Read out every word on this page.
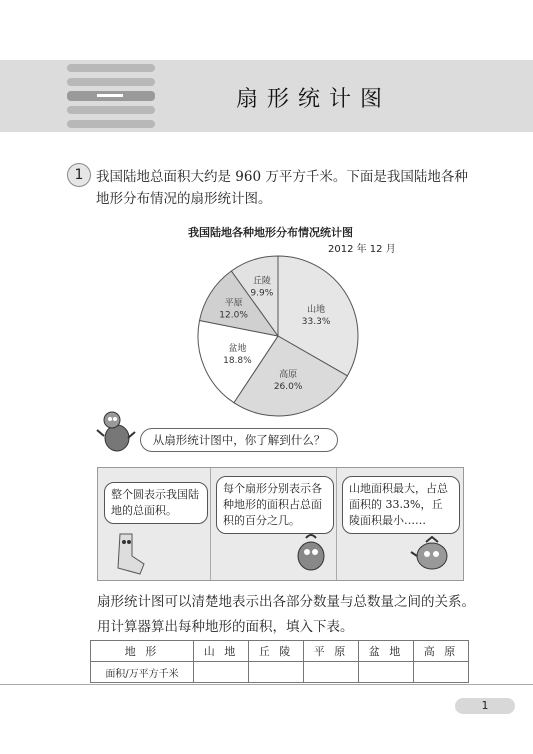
扇形统计图
1 我国陆地总面积大约是 960 万平方千米。下面是我国陆地各种地形分布情况的扇形统计图。
我国陆地各种地形分布情况统计图
2012 年 12 月
山地
33.3%
高原
26.0%
盆地
18.8%
平原
12.0%
丘陵
9.9%
从扇形统计图中，你了解到什么？
整个圆表示我国陆地的总面积。
每个扇形分别表示各种地形的面积占总面积的百分之几。
山地面积最大，占总面积的 33.3%，丘陵面积最小……
扇形统计图可以清楚地表示出各部分数量与总数量之间的关系。
用计算器算出每种地形的面积，填入下表。
地 形	山 地	丘 陵	平 原	盆 地	高 原
面积/万平方千米					
1
